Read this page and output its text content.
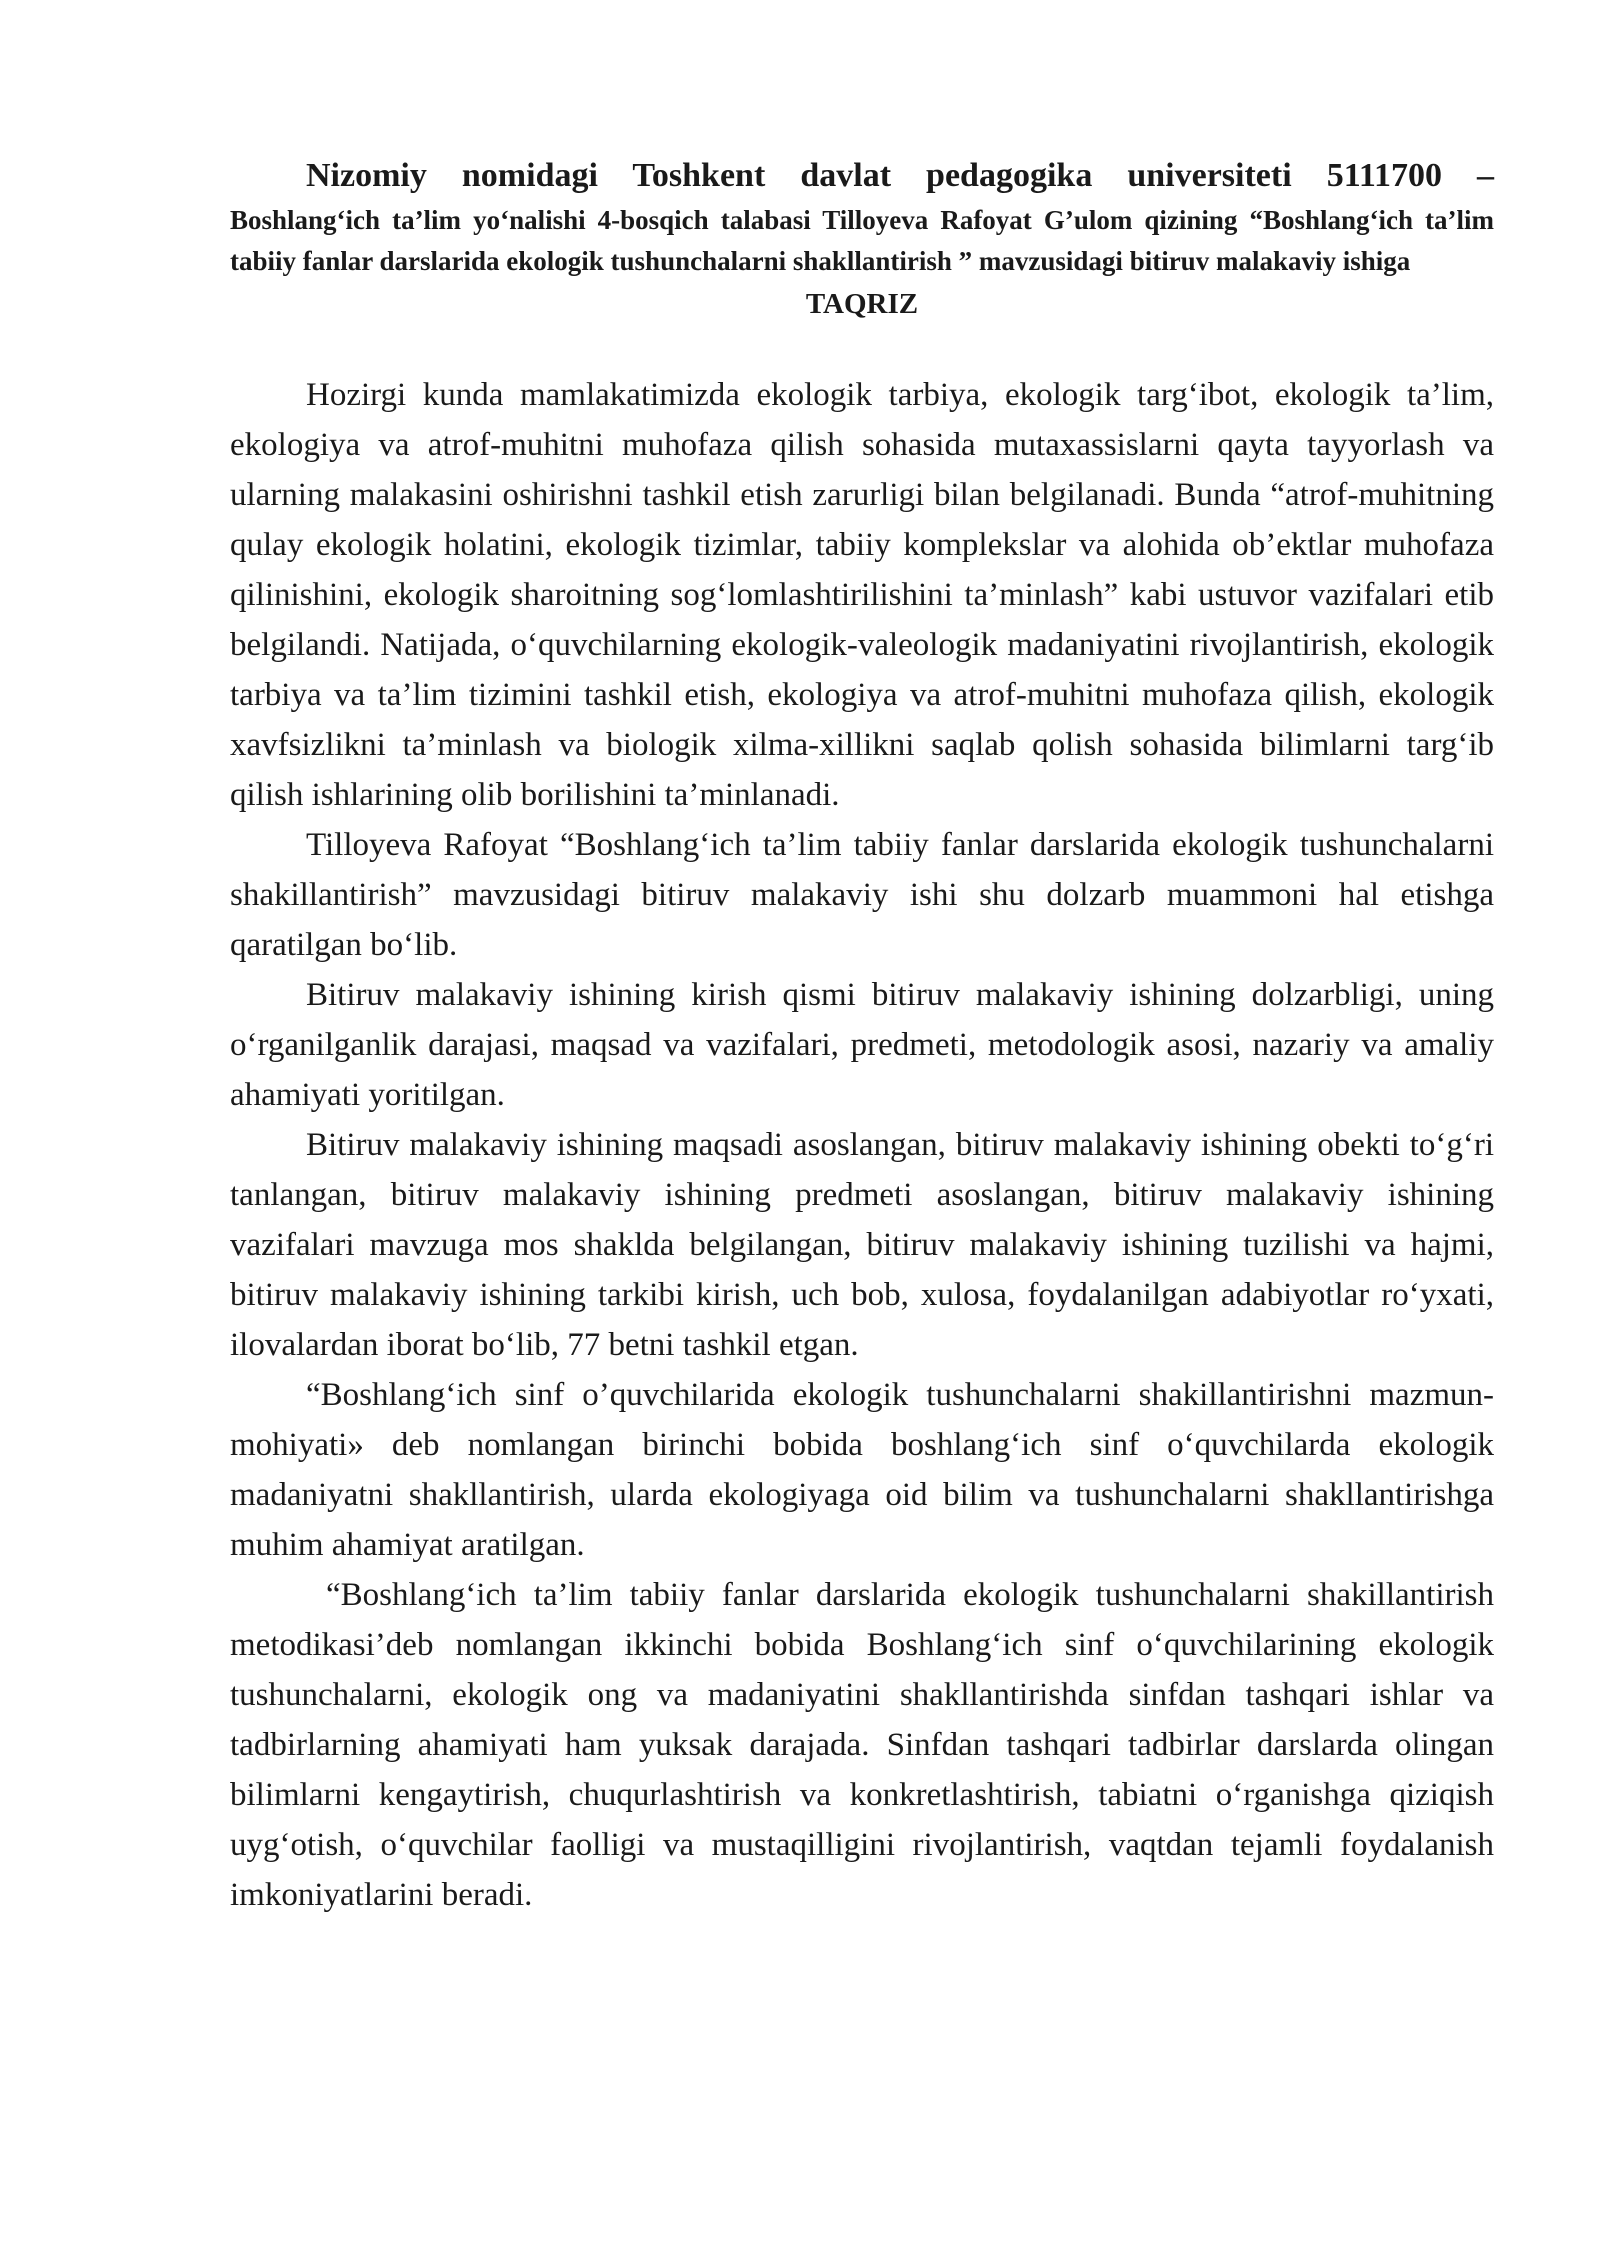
Nizomiy nomidagi Toshkent davlat pedagogika universiteti 5111700 –
Boshlang‘ich ta’lim yo‘nalishi 4-bosqich talabasi Tilloyeva Rafoyat G’ulom qizining “Boshlang‘ich ta’lim tabiiy fanlar darslarida ekologik tushunchalarni shakllantirish ” mavzusidagi bitiruv malakaviy ishiga
TAQRIZ

Hozirgi kunda mamlakatimizda ekologik tarbiya, ekologik targ‘ibot, ekologik ta’lim, ekologiya va atrof-muhitni muhofaza qilish sohasida mutaxassislarni qayta tayyorlash va ularning malakasini oshirishni tashkil etish zarurligi bilan belgilanadi. Bunda “atrof-muhitning qulay ekologik holatini, ekologik tizimlar, tabiiy komplekslar va alohida ob’ektlar muhofaza qilinishini, ekologik sharoitning sog‘lomlashtirilishini ta’minlash” kabi ustuvor vazifalari etib belgilandi. Natijada, o‘quvchilarning ekologik-valeologik madaniyatini rivojlantirish, ekologik tarbiya va ta’lim tizimini tashkil etish, ekologiya va atrof-muhitni muhofaza qilish, ekologik xavfsizlikni ta’minlash va biologik xilma-xillikni saqlab qolish sohasida bilimlarni targ‘ib qilish ishlarining olib borilishini ta’minlanadi.

Tilloyeva Rafoyat “Boshlang‘ich ta’lim tabiiy fanlar darslarida ekologik tushunchalarni shakillantirish” mavzusidagi bitiruv malakaviy ishi shu dolzarb muammoni hal etishga qaratilgan bo‘lib.

Bitiruv malakaviy ishining kirish qismi bitiruv malakaviy ishining dolzarbligi, uning o‘rganilganlik darajasi, maqsad va vazifalari, predmeti, metodologik asosi, nazariy va amaliy ahamiyati yoritilgan.

Bitiruv malakaviy ishining maqsadi asoslangan, bitiruv malakaviy ishining obekti to‘g‘ri tanlangan, bitiruv malakaviy ishining predmeti asoslangan, bitiruv malakaviy ishining vazifalari mavzuga mos shakldа belgilangan, bitiruv malakaviy ishining tuzilishi va hajmi, bitiruv malakaviy ishining tarkibi kirish, uch bob, xulosa, foydalanilgan adabiyotlar ro‘yxati, ilovalardan iborat bo‘lib, 77 betni tashkil etgan.

“Boshlang‘ich sinf o’quvchilarida ekologik tushunchalarni shakillantirishni mazmun-mohiyati» deb nomlangan birinchi bobida boshlang‘ich sinf o‘quvchilarda ekologik madaniyatni shakllantirish, ularda ekologiyaga oid bilim va tushunchalarni shakllantirishga muhim ahamiyat aratilgan.

“Boshlang‘ich ta’lim tabiiy fanlar darslarida ekologik tushunchalarni shakillantirish metodikasi’deb nomlangan ikkinchi bobida Boshlang‘ich sinf o‘quvchilarining ekologik tushunchalarni, ekologik ong va madaniyatini shakllantirishda sinfdan tashqari ishlar va tadbirlarning ahamiyati ham yuksak darajada. Sinfdan tashqari tadbirlar darslarda olingan bilimlarni kengaytirish, chuqurlashtirish va konkretlashtirish, tabiatni o‘rganishga qiziqish uyg‘otish, o‘quvchilar faolligi va mustaqilligini rivojlantirish, vaqtdan tejamli foydalanish imkoniyatlarini beradi.
